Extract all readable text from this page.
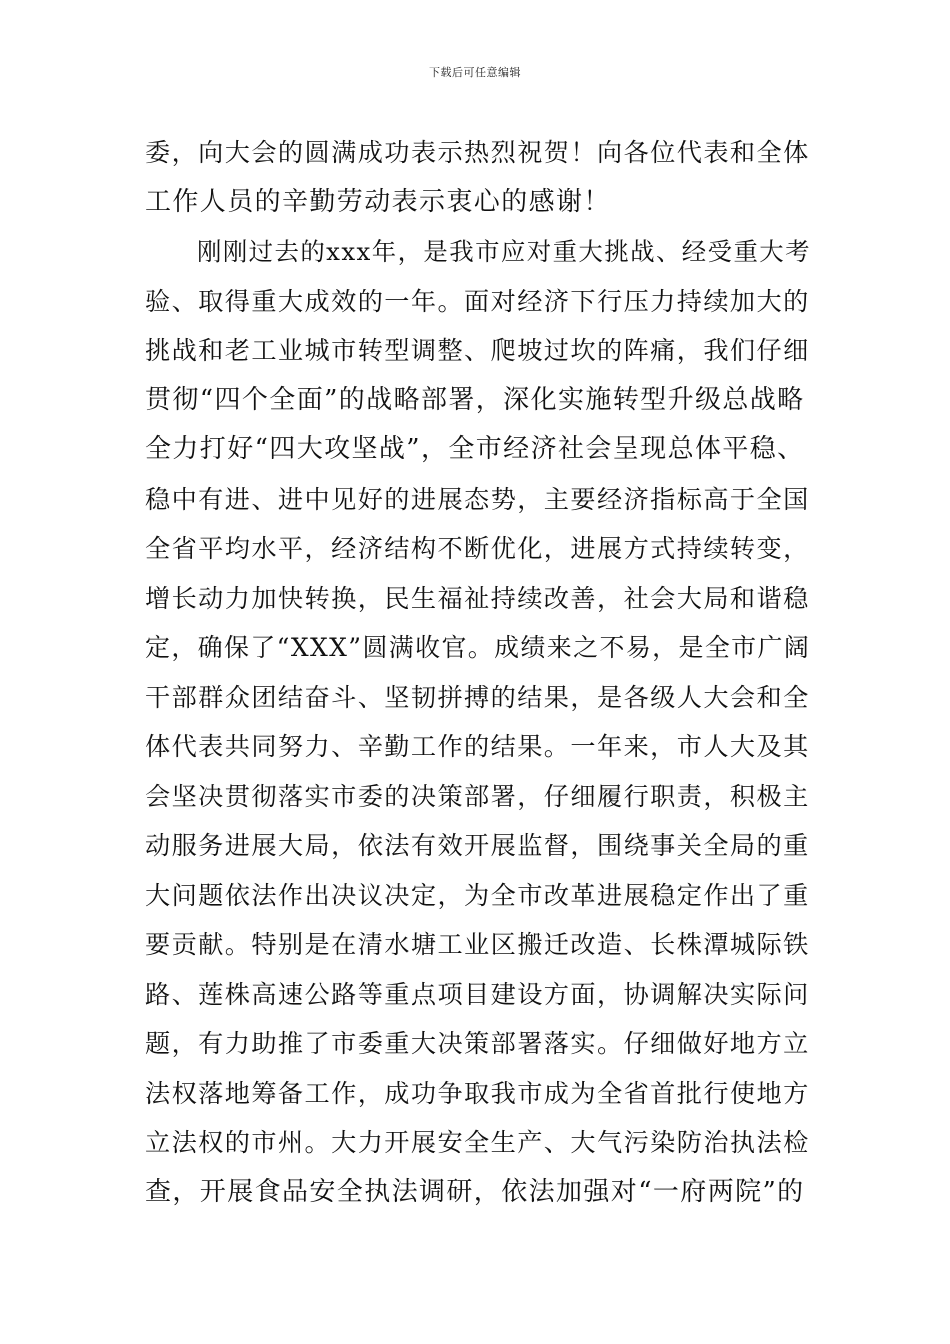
下载后可任意编辑
委，向大会的圆满成功表示热烈祝贺！向各位代表和全体
工作人员的辛勤劳动表示衷心的感谢！
刚刚过去的xxx年，是我市应对重大挑战、经受重大考
验、取得重大成效的一年。面对经济下行压力持续加大的
挑战和老工业城市转型调整、爬坡过坎的阵痛，我们仔细
贯彻“四个全面”的战略部署，深化实施转型升级总战略
全力打好“四大攻坚战”，全市经济社会呈现总体平稳、
稳中有进、进中见好的进展态势，主要经济指标高于全国
全省平均水平，经济结构不断优化，进展方式持续转变，
增长动力加快转换，民生福祉持续改善，社会大局和谐稳
定，确保了“XXX”圆满收官。成绩来之不易，是全市广阔
干部群众团结奋斗、坚韧拼搏的结果，是各级人大会和全
体代表共同努力、辛勤工作的结果。一年来，市人大及其
会坚决贯彻落实市委的决策部署，仔细履行职责，积极主
动服务进展大局，依法有效开展监督，围绕事关全局的重
大问题依法作出决议决定，为全市改革进展稳定作出了重
要贡献。特别是在清水塘工业区搬迁改造、长株潭城际铁
路、莲株高速公路等重点项目建设方面，协调解决实际问
题，有力助推了市委重大决策部署落实。仔细做好地方立
法权落地筹备工作，成功争取我市成为全省首批行使地方
立法权的市州。大力开展安全生产、大气污染防治执法检
查，开展食品安全执法调研，依法加强对“一府两院”的
